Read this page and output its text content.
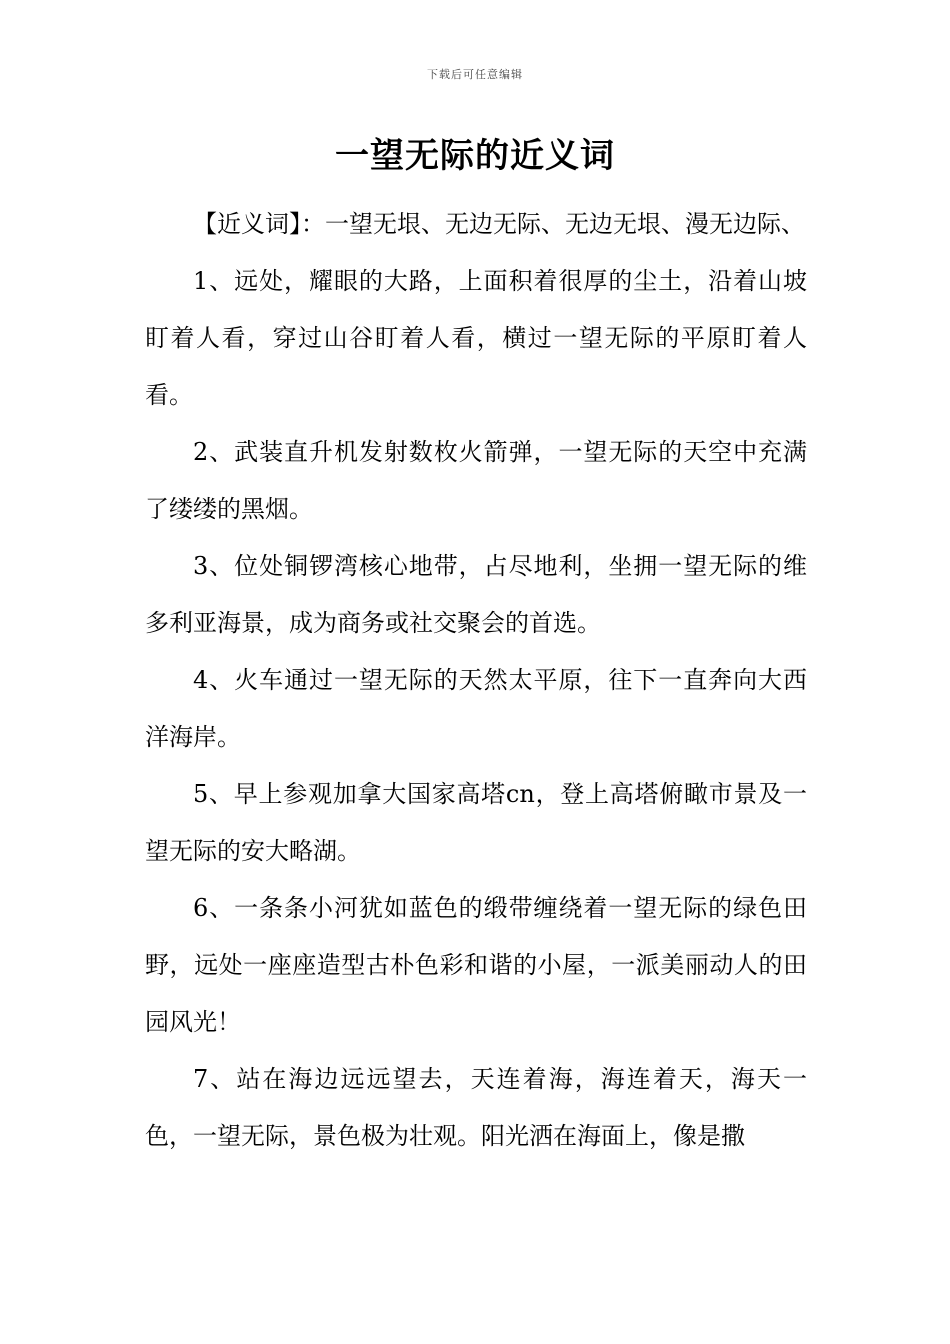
下载后可任意编辑
一望无际的近义词

【近义词】：一望无垠、无边无际、无边无垠、漫无边际、

1、远处，耀眼的大路，上面积着很厚的尘土，沿着山坡盯着人看，穿过山谷盯着人看，横过一望无际的平原盯着人看。

2、武装直升机发射数枚火箭弹，一望无际的天空中充满了缕缕的黑烟。

3、位处铜锣湾核心地带，占尽地利，坐拥一望无际的维多利亚海景，成为商务或社交聚会的首选。

4、火车通过一望无际的天然太平原，往下一直奔向大西洋海岸。

5、早上参观加拿大国家高塔cn，登上高塔俯瞰市景及一望无际的安大略湖。

6、一条条小河犹如蓝色的缎带缠绕着一望无际的绿色田野，远处一座座造型古朴色彩和谐的小屋，一派美丽动人的田园风光！

7、站在海边远远望去，天连着海，海连着天，海天一色，一望无际，景色极为壮观。阳光洒在海面上，像是撒
